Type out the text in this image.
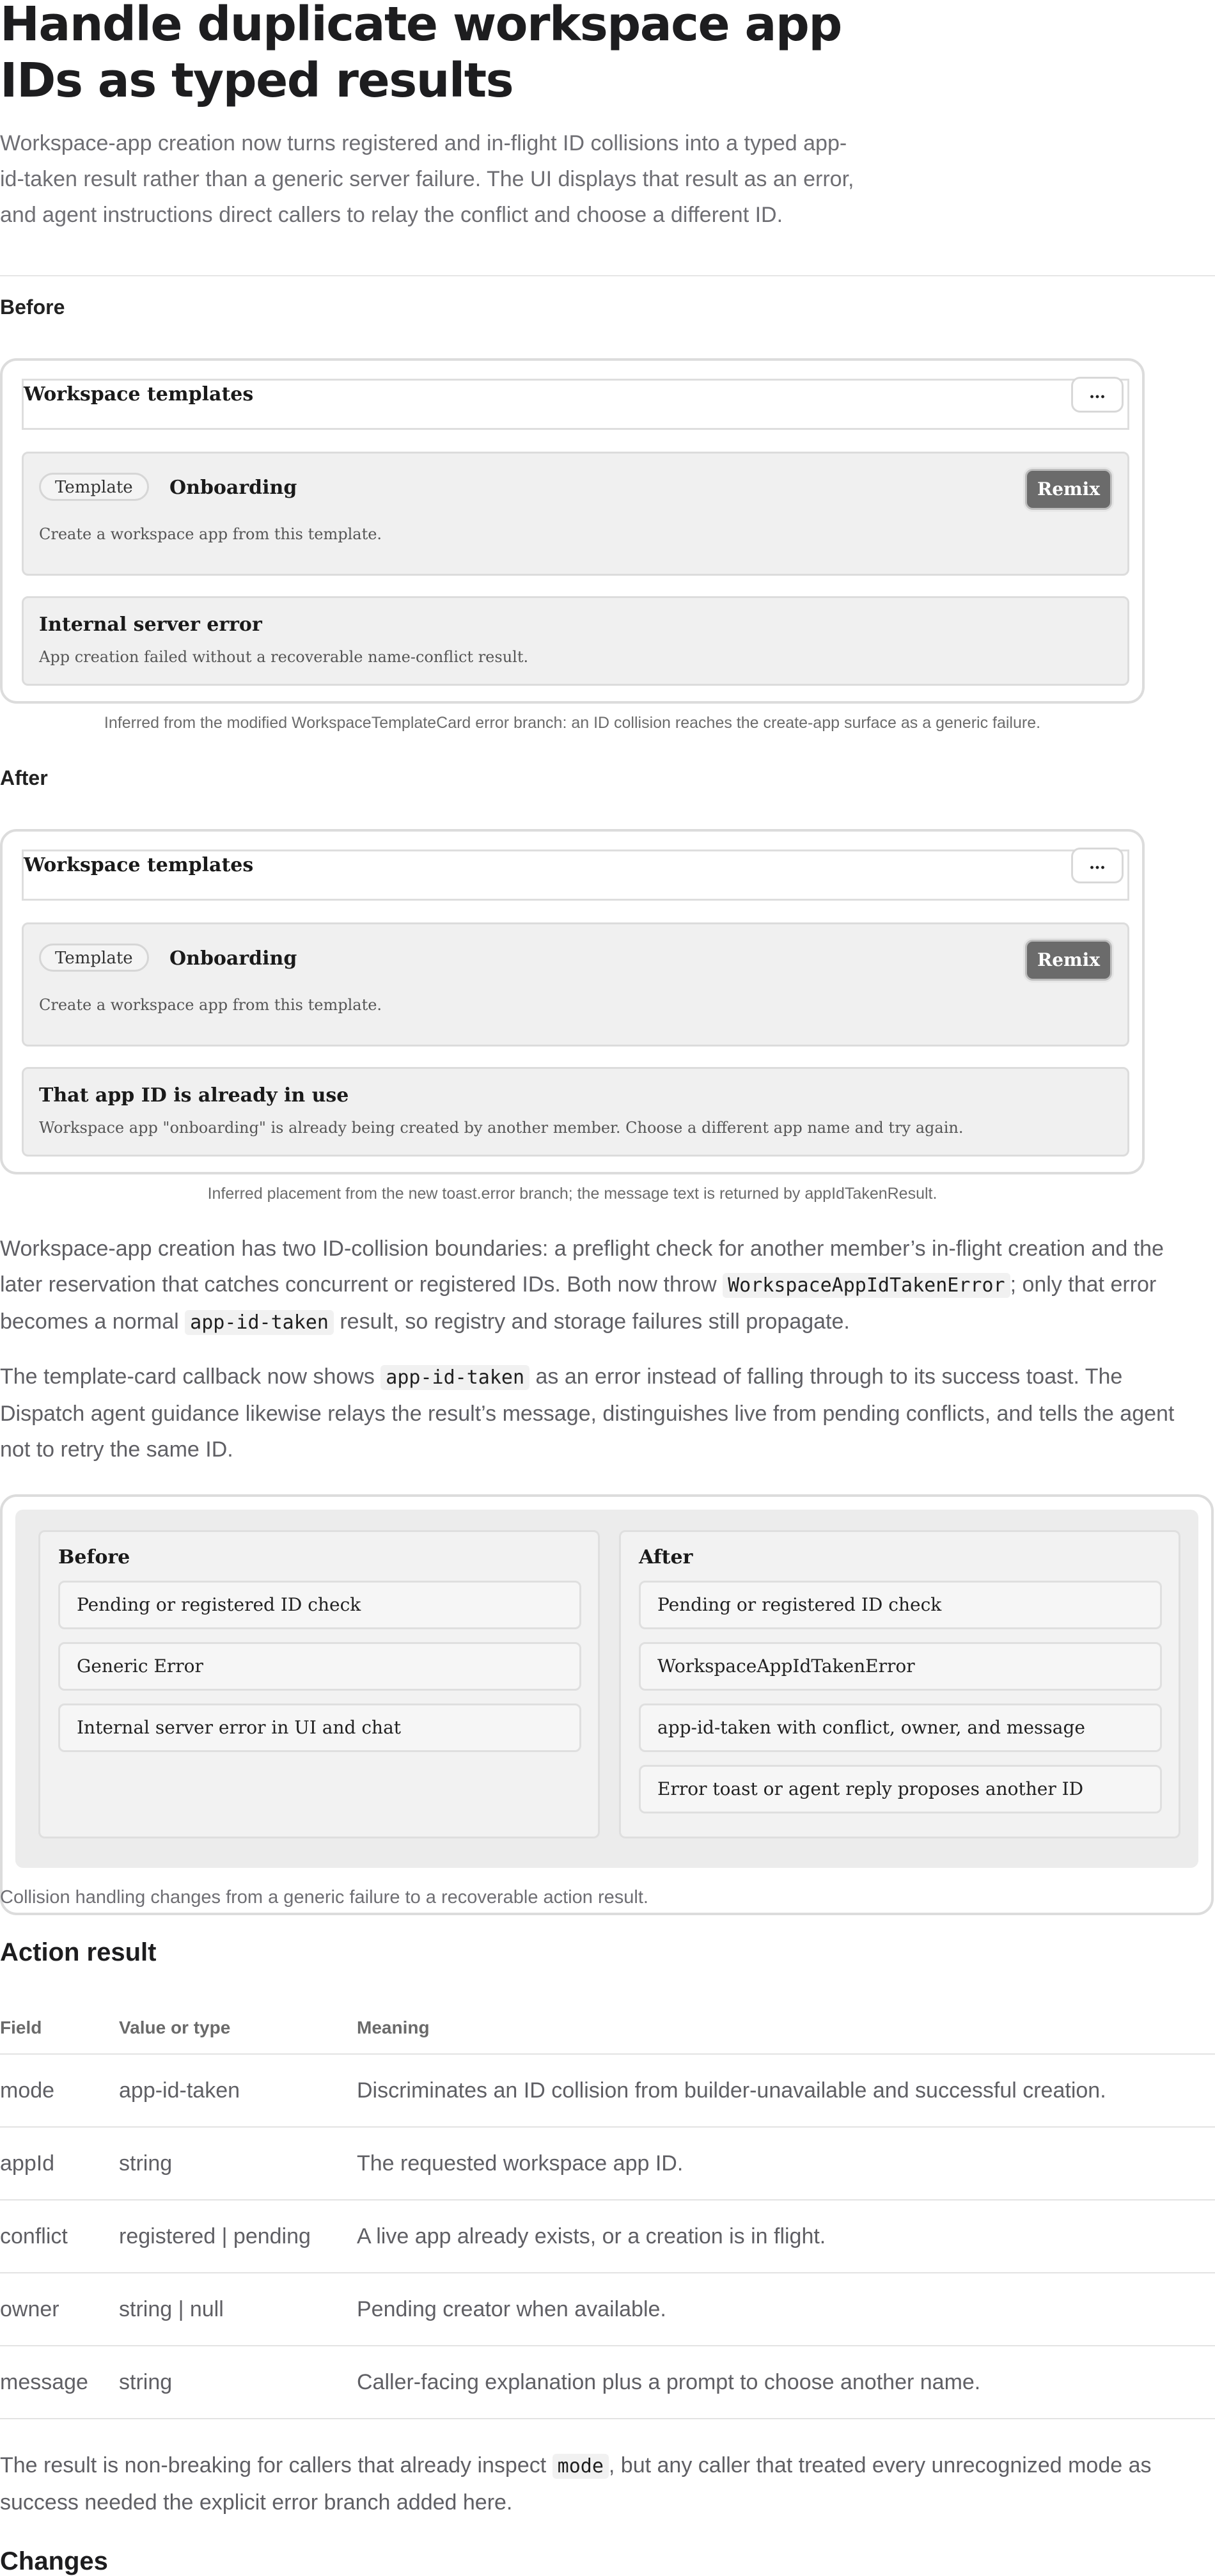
Handle duplicate workspace app IDs as typed results

Workspace-app creation now turns registered and in-flight ID collisions into a typed app-id-taken result rather than a generic server failure. The UI displays that result as an error, and agent instructions direct callers to relay the conflict and choose a different ID.

Before

Workspace templates	…
Template	Onboarding	Remix
Create a workspace app from this template.
Internal server error
App creation failed without a recoverable name-conflict result.

Inferred from the modified WorkspaceTemplateCard error branch: an ID collision reaches the create-app surface as a generic failure.

After

Workspace templates	…
Template	Onboarding	Remix
Create a workspace app from this template.
That app ID is already in use
Workspace app "onboarding" is already being created by another member. Choose a different app name and try again.

Inferred placement from the new toast.error branch; the message text is returned by appIdTakenResult.

Workspace-app creation has two ID-collision boundaries: a preflight check for another member’s in-flight creation and the later reservation that catches concurrent or registered IDs. Both now throw WorkspaceAppIdTakenError ; only that error becomes a normal app-id-taken result, so registry and storage failures still propagate.

The template-card callback now shows app-id-taken as an error instead of falling through to its success toast. The Dispatch agent guidance likewise relays the result’s message, distinguishes live from pending conflicts, and tells the agent not to retry the same ID.

Before
Pending or registered ID check
Generic Error
Internal server error in UI and chat
After
Pending or registered ID check
WorkspaceAppIdTakenError
app-id-taken with conflict, owner, and message
Error toast or agent reply proposes another ID

Collision handling changes from a generic failure to a recoverable action result.

Action result
Field	Value or type	Meaning
mode	app-id-taken	Discriminates an ID collision from builder-unavailable and successful creation.
appId	string	The requested workspace app ID.
conflict	registered | pending	A live app already exists, or a creation is in flight.
owner	string | null	Pending creator when available.
message	string	Caller-facing explanation plus a prompt to choose another name.

The result is non-breaking for callers that already inspect mode , but any caller that treated every unrecognized mode as success needed the explicit error branch added here.

Changes
